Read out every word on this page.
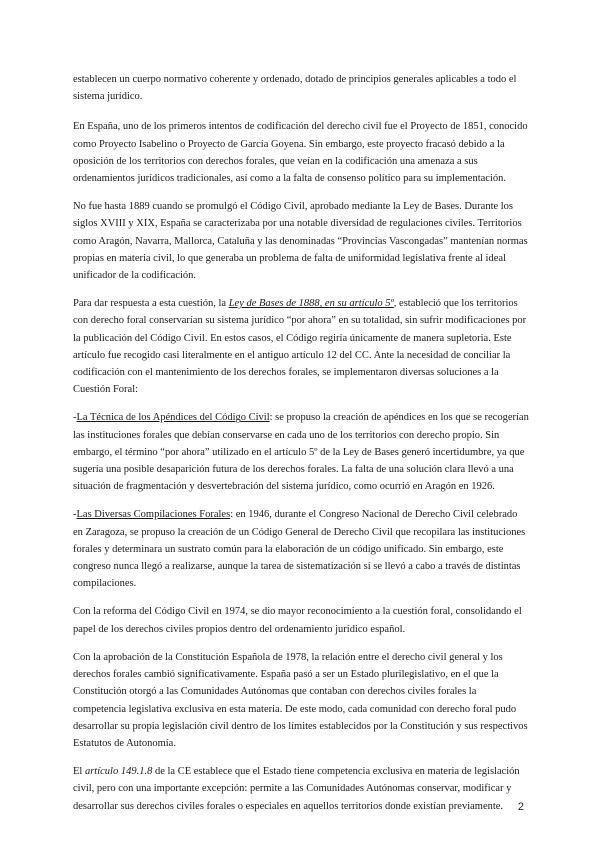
establecen un cuerpo normativo coherente y ordenado, dotado de principios generales aplicables a todo el sistema jurídico.

En España, uno de los primeros intentos de codificación del derecho civil fue el Proyecto de 1851, conocido como Proyecto Isabelino o Proyecto de García Goyena. Sin embargo, este proyecto fracasó debido a la oposición de los territorios con derechos forales, que veían en la codificación una amenaza a sus ordenamientos jurídicos tradicionales, así como a la falta de consenso político para su implementación.

No fue hasta 1889 cuando se promulgó el Código Civil, aprobado mediante la Ley de Bases. Durante los siglos XVIII y XIX, España se caracterizaba por una notable diversidad de regulaciones civiles. Territorios como Aragón, Navarra, Mallorca, Cataluña y las denominadas “Provincias Vascongadas” mantenían normas propias en materia civil, lo que generaba un problema de falta de uniformidad legislativa frente al ideal unificador de la codificación.

Para dar respuesta a esta cuestión, la Ley de Bases de 1888, en su artículo 5º, estableció que los territorios con derecho foral conservarían su sistema jurídico “por ahora” en su totalidad, sin sufrir modificaciones por la publicación del Código Civil. En estos casos, el Código regiría únicamente de manera supletoria. Este artículo fue recogido casi literalmente en el antiguo artículo 12 del CC. Ante la necesidad de conciliar la codificación con el mantenimiento de los derechos forales, se implementaron diversas soluciones a la Cuestión Foral:

-La Técnica de los Apéndices del Código Civil: se propuso la creación de apéndices en los que se recogerían las instituciones forales que debían conservarse en cada uno de los territorios con derecho propio. Sin embargo, el término “por ahora” utilizado en el artículo 5º de la Ley de Bases generó incertidumbre, ya que sugería una posible desaparición futura de los derechos forales. La falta de una solución clara llevó a una situación de fragmentación y desvertebración del sistema jurídico, como ocurrió en Aragón en 1926.

-Las Diversas Compilaciones Forales: en 1946, durante el Congreso Nacional de Derecho Civil celebrado en Zaragoza, se propuso la creación de un Código General de Derecho Civil que recopilara las instituciones forales y determinara un sustrato común para la elaboración de un código unificado. Sin embargo, este congreso nunca llegó a realizarse, aunque la tarea de sistematización sí se llevó a cabo a través de distintas compilaciones.

Con la reforma del Código Civil en 1974, se dio mayor reconocimiento a la cuestión foral, consolidando el papel de los derechos civiles propios dentro del ordenamiento jurídico español.

Con la aprobación de la Constitución Española de 1978, la relación entre el derecho civil general y los derechos forales cambió significativamente. España pasó a ser un Estado plurilegislativo, en el que la Constitución otorgó a las Comunidades Autónomas que contaban con derechos civiles forales la competencia legislativa exclusiva en esta materia. De este modo, cada comunidad con derecho foral pudo desarrollar su propia legislación civil dentro de los límites establecidos por la Constitución y sus respectivos Estatutos de Autonomía.

El artículo 149.1.8 de la CE establece que el Estado tiene competencia exclusiva en materia de legislación civil, pero con una importante excepción: permite a las Comunidades Autónomas conservar, modificar y desarrollar sus derechos civiles forales o especiales en aquellos territorios donde existían previamente.	2
